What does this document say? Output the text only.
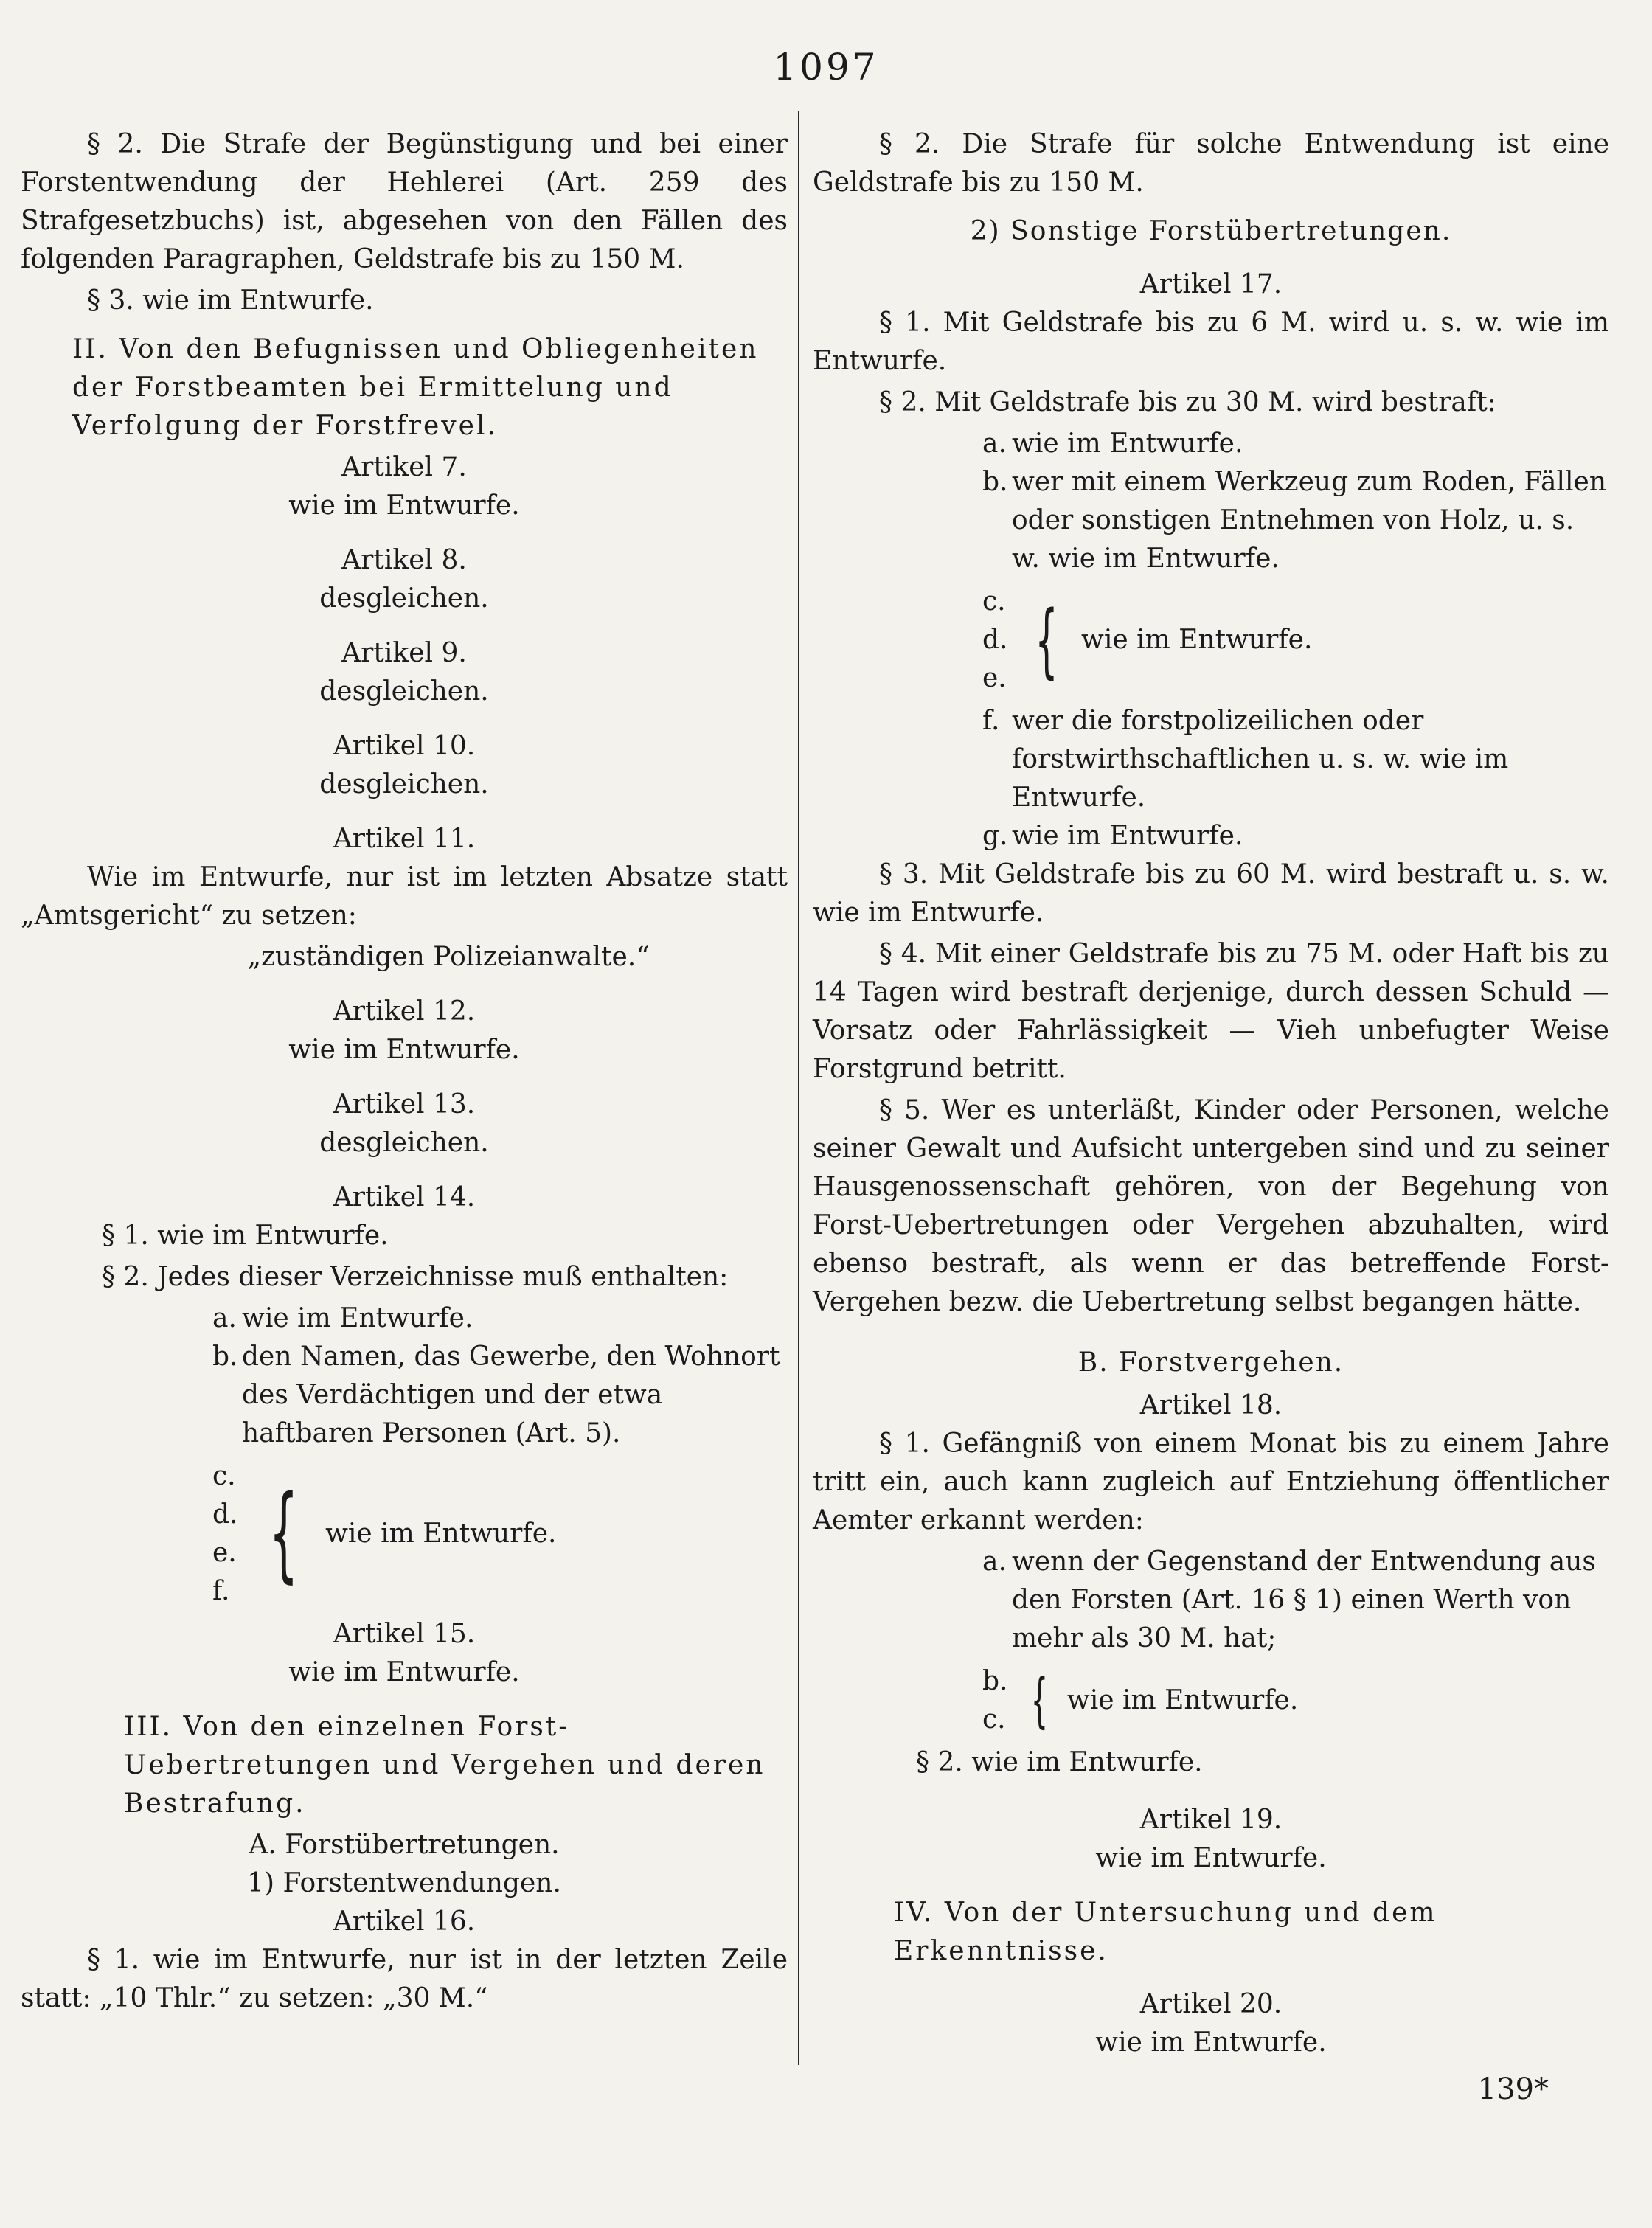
1097

§ 2. Die Strafe der Begünstigung und bei einer Forstentwendung der Hehlerei (Art. 259 des Strafgesetzbuchs) ist, abgesehen von den Fällen des folgenden Paragraphen, Geldstrafe bis zu 150 M.

§ 3. wie im Entwurfe.

II. Von den Befugnissen und Obliegenheiten der Forstbeamten bei Ermittelung und Verfolgung der Forstfrevel.

Artikel 7.

wie im Entwurfe.

Artikel 8.

desgleichen.

Artikel 9.

desgleichen.

Artikel 10.

desgleichen.

Artikel 11.

Wie im Entwurfe, nur ist im letzten Absatze statt „Amtsgericht“ zu setzen:

„zuständigen Polizeianwalte.“

Artikel 12.

wie im Entwurfe.

Artikel 13.

desgleichen.

Artikel 14.

§ 1. wie im Entwurfe.

§ 2. Jedes dieser Verzeichnisse muß enthalten:

a. wie im Entwurfe.
b. den Namen, das Gewerbe, den Wohnort des Verdächtigen und der etwa haftbaren Personen (Art. 5).
c.
d.
e.
f. { wie im Entwurfe.

Artikel 15.

wie im Entwurfe.

III. Von den einzelnen Forst-Uebertretungen und Vergehen und deren Bestrafung.

A. Forstübertretungen.

1) Forstentwendungen.

Artikel 16.

§ 1. wie im Entwurfe, nur ist in der letzten Zeile statt: „10 Thlr.“ zu setzen: „30 M.“

§ 2. Die Strafe für solche Entwendung ist eine Geldstrafe bis zu 150 M.

2) Sonstige Forstübertretungen.

Artikel 17.

§ 1. Mit Geldstrafe bis zu 6 M. wird u. s. w. wie im Entwurfe.

§ 2. Mit Geldstrafe bis zu 30 M. wird bestraft:

a. wie im Entwurfe.
b. wer mit einem Werkzeug zum Roden, Fällen oder sonstigen Entnehmen von Holz, u. s. w. wie im Entwurfe.
c.
d.
e. { wie im Entwurfe.
f. wer die forstpolizeilichen oder forstwirthschaftlichen u. s. w. wie im Entwurfe.
g. wie im Entwurfe.

§ 3. Mit Geldstrafe bis zu 60 M. wird bestraft u. s. w. wie im Entwurfe.

§ 4. Mit einer Geldstrafe bis zu 75 M. oder Haft bis zu 14 Tagen wird bestraft derjenige, durch dessen Schuld — Vorsatz oder Fahrlässigkeit — Vieh unbefugter Weise Forstgrund betritt.

§ 5. Wer es unterläßt, Kinder oder Personen, welche seiner Gewalt und Aufsicht untergeben sind und zu seiner Hausgenossenschaft gehören, von der Begehung von Forst-Uebertretungen oder Vergehen abzuhalten, wird ebenso bestraft, als wenn er das betreffende Forst-Vergehen bezw. die Uebertretung selbst begangen hätte.

B. Forstvergehen.

Artikel 18.

§ 1. Gefängniß von einem Monat bis zu einem Jahre tritt ein, auch kann zugleich auf Entziehung öffentlicher Aemter erkannt werden:

a. wenn der Gegenstand der Entwendung aus den Forsten (Art. 16 § 1) einen Werth von mehr als 30 M. hat;
b.
c. { wie im Entwurfe.

§ 2. wie im Entwurfe.

Artikel 19.

wie im Entwurfe.

IV. Von der Untersuchung und dem Erkenntnisse.

Artikel 20.

wie im Entwurfe.

139*
